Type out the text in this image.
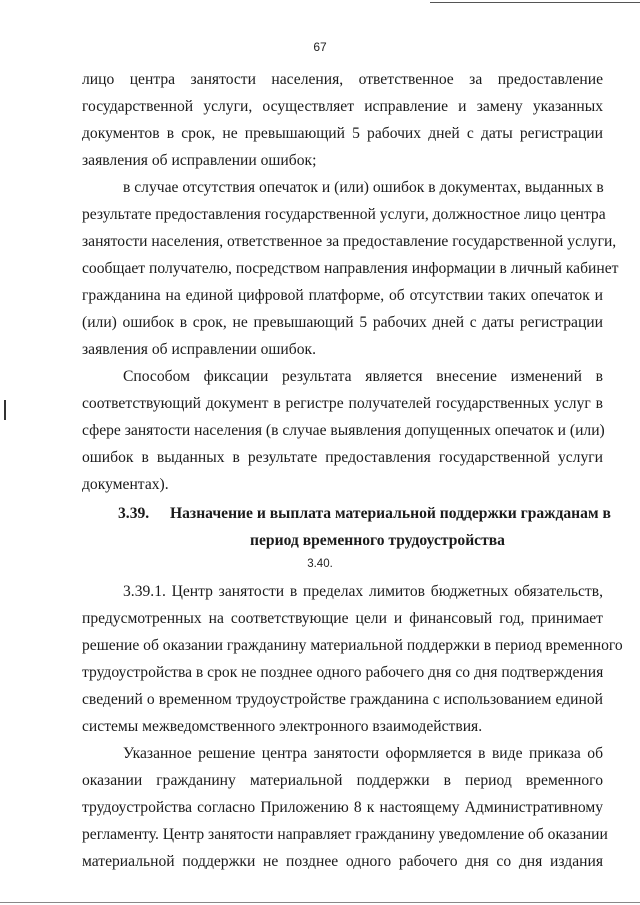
67
лицо центра занятости населения, ответственное за предоставление
государственной услуги, осуществляет исправление и замену указанных
документов в срок, не превышающий 5 рабочих дней с даты регистрации
заявления об исправлении ошибок;
в случае отсутствия опечаток и (или) ошибок в документах, выданных в
результате предоставления государственной услуги, должностное лицо центра
занятости населения, ответственное за предоставление государственной услуги,
сообщает получателю, посредством направления информации в личный кабинет
гражданина на единой цифровой платформе, об отсутствии таких опечаток и
(или) ошибок в срок, не превышающий 5 рабочих дней с даты регистрации
заявления об исправлении ошибок.
Способом фиксации результата является внесение изменений в
соответствующий документ в регистре получателей государственных услуг в
сфере занятости населения (в случае выявления допущенных опечаток и (или)
ошибок в выданных в результате предоставления государственной услуги
документах).
3.39. Назначение и выплата материальной поддержки гражданам в
период временного трудоустройства
3.40.
3.39.1. Центр занятости в пределах лимитов бюджетных обязательств,
предусмотренных на соответствующие цели и финансовый год, принимает
решение об оказании гражданину материальной поддержки в период временного
трудоустройства в срок не позднее одного рабочего дня со дня подтверждения
сведений о временном трудоустройстве гражданина с использованием единой
системы межведомственного электронного взаимодействия.
Указанное решение центра занятости оформляется в виде приказа об
оказании гражданину материальной поддержки в период временного
трудоустройства согласно Приложению 8 к настоящему Административному
регламенту. Центр занятости направляет гражданину уведомление об оказании
материальной поддержки не позднее одного рабочего дня со дня издания
